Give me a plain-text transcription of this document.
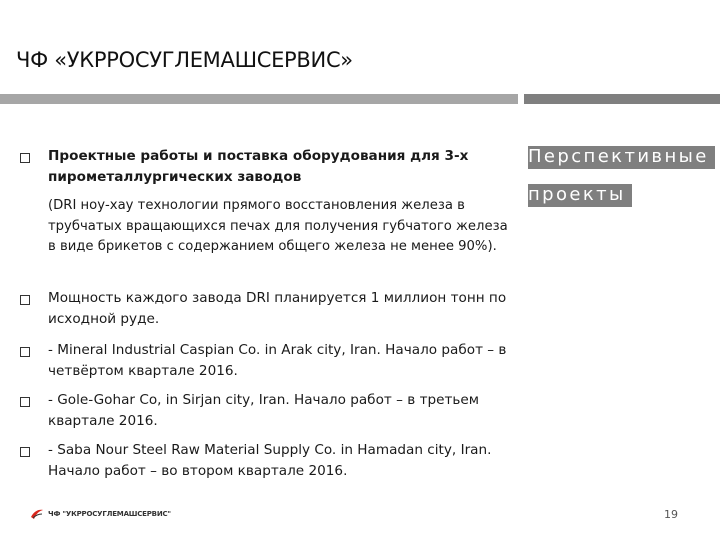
ЧФ «УКРРОСУГЛЕМАШСЕРВИС»
Проектные работы и поставка оборудования для 3-х пирометаллургических заводов
(DRI ноу-хау технологии прямого восстановления железа в трубчатых вращающихся печах для получения губчатого железа в виде брикетов с содержанием общего железа не менее 90%).
Мощность каждого завода DRI планируется 1 миллион тонн по исходной руде.
- Mineral Industrial Caspian Co. in Arak city, Iran. Начало работ – в четвёртом квартале 2016.
- Gole-Gohar Co, in Sirjan city, Iran. Начало работ – в третьем квартале 2016.
- Saba Nour Steel Raw Material Supply Co. in Hamadan city, Iran. Начало работ – во втором квартале 2016.
Перспективные
проекты
ЧФ "УКРРОСУГЛЕМАШСЕРВИС"	19
